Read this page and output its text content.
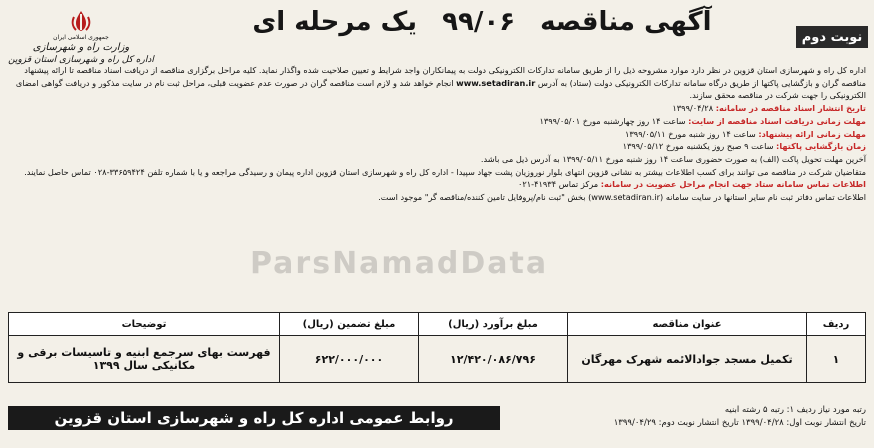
نوبت دوم
آگهی مناقصه ۹۹/۰۶ یک مرحله ای
جمهوری اسلامی ایران
وزارت راه و شهرسازی
اداره کل راه و شهرسازی استان قزوین

اداره کل راه و شهرسازی استان قزوین در نظر دارد موارد مشروحه ذیل را از طریق سامانه تدارکات الکترونیکی دولت به پیمانکاران واجد شرایط و تعیین صلاحیت شده واگذار نماید. کلیه مراحل برگزاری مناقصه از دریافت اسناد مناقصه تا ارائه پیشنهاد مناقصه گران و بازگشایی پاکتها از طریق درگاه سامانه تدارکات الکترونیکی دولت (ستاد) به آدرس www.setadiran.ir انجام خواهد شد و لازم است مناقصه گران در صورت عدم عضویت قبلی، مراحل ثبت نام در سایت مذکور و دریافت گواهی امضای الکترونیکی را جهت شرکت در مناقصه محقق سازند.

تاریخ انتشار اسناد مناقصه در سامانه: ۱۳۹۹/۰۴/۲۸

مهلت زمانی دریافت اسناد مناقصه از سایت: ساعت ۱۴ روز چهارشنبه مورخ ۱۳۹۹/۰۵/۰۱

مهلت زمانی ارائه پیشنهاد: ساعت ۱۴ روز شنبه مورخ ۱۳۹۹/۰۵/۱۱

زمان بازگشایی پاکتها: ساعت ۹ صبح روز یکشنبه مورخ ۱۳۹۹/۰۵/۱۲

آخرین مهلت تحویل پاکت (الف) به صورت حضوری ساعت ۱۴ روز شنبه مورخ ۱۳۹۹/۰۵/۱۱ به آدرس ذیل می باشد.

متقاضیان شرکت در مناقصه می توانند برای کسب اطلاعات بیشتر به نشانی قزوین انتهای بلوار نوروزیان پشت جهاد سپیدا - اداره کل راه و شهرسازی استان قزوین اداره پیمان و رسیدگی مراجعه و یا با شماره تلفن ۳۳۶۵۹۴۲۴-۰۲۸ تماس حاصل نمایند.

اطلاعات تماس سامانه ستاد جهت انجام مراحل عضویت در سامانه: مرکز تماس ۴۱۹۳۴-۰۲۱

اطلاعات تماس دفاتر ثبت نام سایر استانها در سایت سامانه (www.setadiran.ir) بخش "ثبت نام/پروفایل تامین کننده/مناقصه گر" موجود است.

ParsNamadData
ردیف	عنوان مناقصه	مبلغ برآورد (ریال)	مبلغ تضمین (ریال)	توضیحات
۱	تکمیل مسجد جوادالائمه شهرک مهرگان	۱۲/۴۲۰/۰۸۶/۷۹۶	۶۲۲/۰۰۰/۰۰۰	فهرست بهای سرجمع ابنیه و تاسیسات برقی و مکانیکی سال ۱۳۹۹
رتبه مورد نیاز ردیف ۱: رتبه ۵ رشته ابنیه
تاریخ انتشار نوبت اول: ۱۳۹۹/۰۴/۲۸ تاریخ انتشار نوبت دوم: ۱۳۹۹/۰۴/۲۹
روابط عمومی اداره کل راه و شهرسازی استان قزوین
